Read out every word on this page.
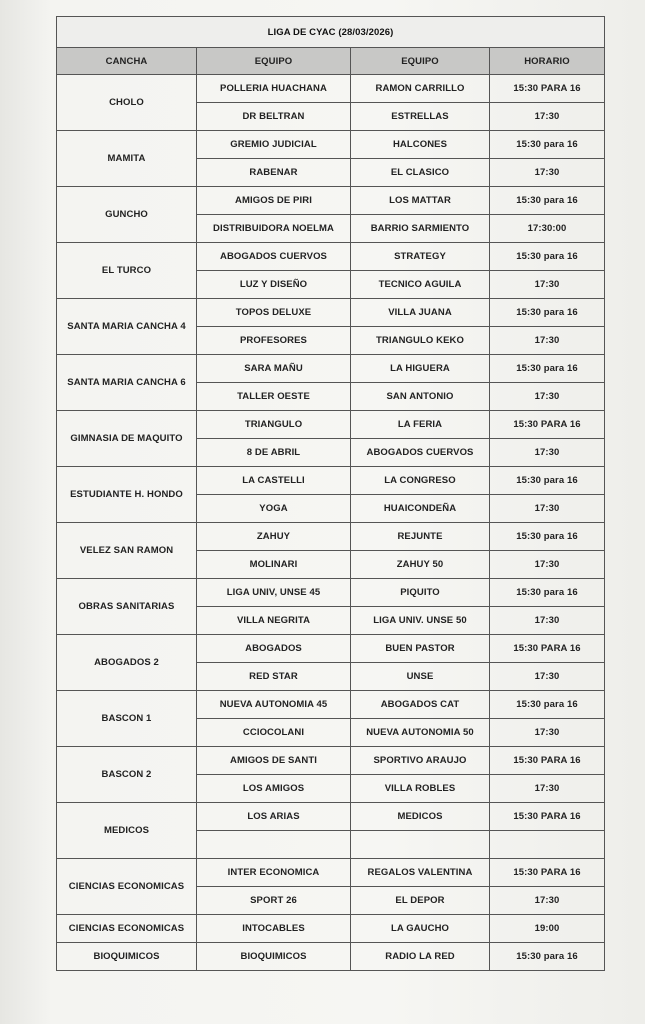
LIGA DE CYAC (28/03/2026)			
CANCHA	EQUIPO	EQUIPO	HORARIO
CHOLO	POLLERIA HUACHANA	RAMON CARRILLO	15:30 PARA 16
	DR BELTRAN	ESTRELLAS	17:30
MAMITA	GREMIO JUDICIAL	HALCONES	15:30 para 16
	RABENAR	EL CLASICO	17:30
GUNCHO	AMIGOS DE PIRI	LOS MATTAR	15:30 para 16
	DISTRIBUIDORA NOELMA	BARRIO SARMIENTO	17:30:00
EL TURCO	ABOGADOS CUERVOS	STRATEGY	15:30 para 16
	LUZ Y DISEÑO	TECNICO AGUILA	17:30
SANTA MARIA CANCHA 4	TOPOS DELUXE	VILLA JUANA	15:30 para 16
	PROFESORES	TRIANGULO KEKO	17:30
SANTA MARIA CANCHA 6	SARA MAÑU	LA HIGUERA	15:30 para 16
	TALLER OESTE	SAN ANTONIO	17:30
GIMNASIA DE MAQUITO	TRIANGULO	LA FERIA	15:30 PARA 16
	8 DE ABRIL	ABOGADOS CUERVOS	17:30
ESTUDIANTE H. HONDO	LA CASTELLI	LA CONGRESO	15:30 para 16
	YOGA	HUAICONDEÑA	17:30
VELEZ SAN RAMON	ZAHUY	REJUNTE	15:30 para 16
	MOLINARI	ZAHUY 50	17:30
OBRAS SANITARIAS	LIGA UNIV, UNSE 45	PIQUITO	15:30 para 16
	VILLA NEGRITA	LIGA UNIV. UNSE 50	17:30
ABOGADOS 2	ABOGADOS	BUEN PASTOR	15:30 PARA 16
	RED STAR	UNSE	17:30
BASCON 1	NUEVA AUTONOMIA 45	ABOGADOS CAT	15:30 para 16
	CCIOCOLANI	NUEVA AUTONOMIA 50	17:30
BASCON 2	AMIGOS DE SANTI	SPORTIVO ARAUJO	15:30 PARA 16
	LOS AMIGOS	VILLA ROBLES	17:30
MEDICOS	LOS ARIAS	MEDICOS	15:30 PARA 16

CIENCIAS ECONOMICAS	INTER ECONOMICA	REGALOS VALENTINA	15:30 PARA 16
	SPORT 26	EL DEPOR	17:30
CIENCIAS ECONOMICAS	INTOCABLES	LA GAUCHO	19:00
BIOQUIMICOS	BIOQUIMICOS	RADIO LA RED	15:30 para 16
